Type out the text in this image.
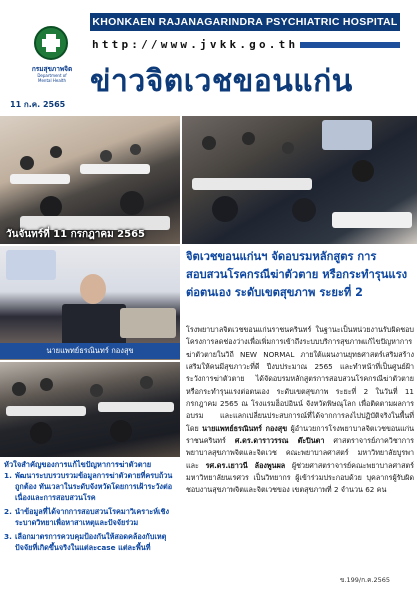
กรมสุขภาพจิต
Department of Mental Health
KHONKAEN RAJANAGARINDRA PSYCHIATRIC HOSPITAL
http://www.jvkk.go.th
ข่าวจิตเวชขอนแก่น
11 ก.ค. 2565
วันจันทร์ที่ 11 กรกฎาคม 2565
นายแพทย์ธรณินทร์ กองสุข
จิตเวชขอนแก่นฯ จัดอบรมหลักสูตร การสอบสวนโรคกรณีฆ่าตัวตาย หรือกระทำรุนแรงต่อตนเอง ระดับเขตสุขภาพ ระยะที่ 2
โรงพยาบาลจิตเวชขอนแก่นราชนครินทร์ ในฐานะเป็นหน่วยงานรับผิดชอบโครงการลดช่องว่างเพื่อเพิ่มการเข้าถึงระบบบริการสุขภาพแก้ไขปัญหาการฆ่าตัวตายในวิถี NEW NORMAL ภายใต้แผนงานยุทธศาสตร์เสริมสร้างเสริมให้คนมีสุขภาวะที่ดี ปีงบประมาณ 2565 และทำหน้าที่เป็นศูนย์ฝ้าระวังการฆ่าตัวตาย ได้จัดอบรมหลักสูตรการสอบสวนโรคกรณีฆ่าตัวตายหรือกระทำรุนแรงต่อตนเอง ระดับเขตสุขภาพ ระยะที่ 2 ในวันที่ 11 กรกฎาคม 2565 ณ โรงแรมฮ็อปอินน์ จังหวัดพิษณุโลก เพื่อติดตามผลการอบรม และแลกเปลี่ยนประสบการณ์ที่ได้จากการลงไปปฏิบัติจริงในพื้นที่ โดย นายแพทย์ธรณินทร์ กองสุข ผู้อำนวยการโรงพยาบาลจิตเวชขอนแก่นราชนครินทร์ ศ.ดร.ดาราวรรณ ต๊ะปินตา ศาสตราจารย์ภาควิชาการพยาบาลสุขภาพจิตและจิตเวช คณะพยาบาลศาสตร์ มหาวิทยาลัยบูรพา และ รศ.ดร.เยาวนี ล้องพูนผล ผู้ช่วยศาสตราจารย์คณะพยาบาลศาสตร์ มหาวิทยาลัยนเรศวร เป็นวิทยากร ผู้เข้าร่วมประกอบด้วย บุคลากรผู้รับผิดชอบงานสุขภาพจิตและจิตเวชของ เขตสุขภาพที่ 2 จำนวน 62 คน
ข.199/ก.ค.2565
หัวใจสำคัญของการแก้ไขปัญหาการฆ่าตัวตาย
1. พัฒนาระบบรวบรวมข้อมูลการฆ่าตัวตายที่ครบถ้วน ถูกต้อง ทันเวลาในระดับจังหวัดโดยการเฝ้าระวังต่อเนื่องและการสอบสวนโรค
2. นำข้อมูลที่ได้จากการสอบสวนโรคมาวิเคราะห์เชิงระบาดวิทยาเพื่อหาสาเหตุและปัจจัยร่วม
3. เลือกมาตรการควบคุมป้องกันให้สอดคล้องกับเหตุปัจจัยที่เกิดขึ้นจริงในแต่ละcase แต่ละพื้นที่
